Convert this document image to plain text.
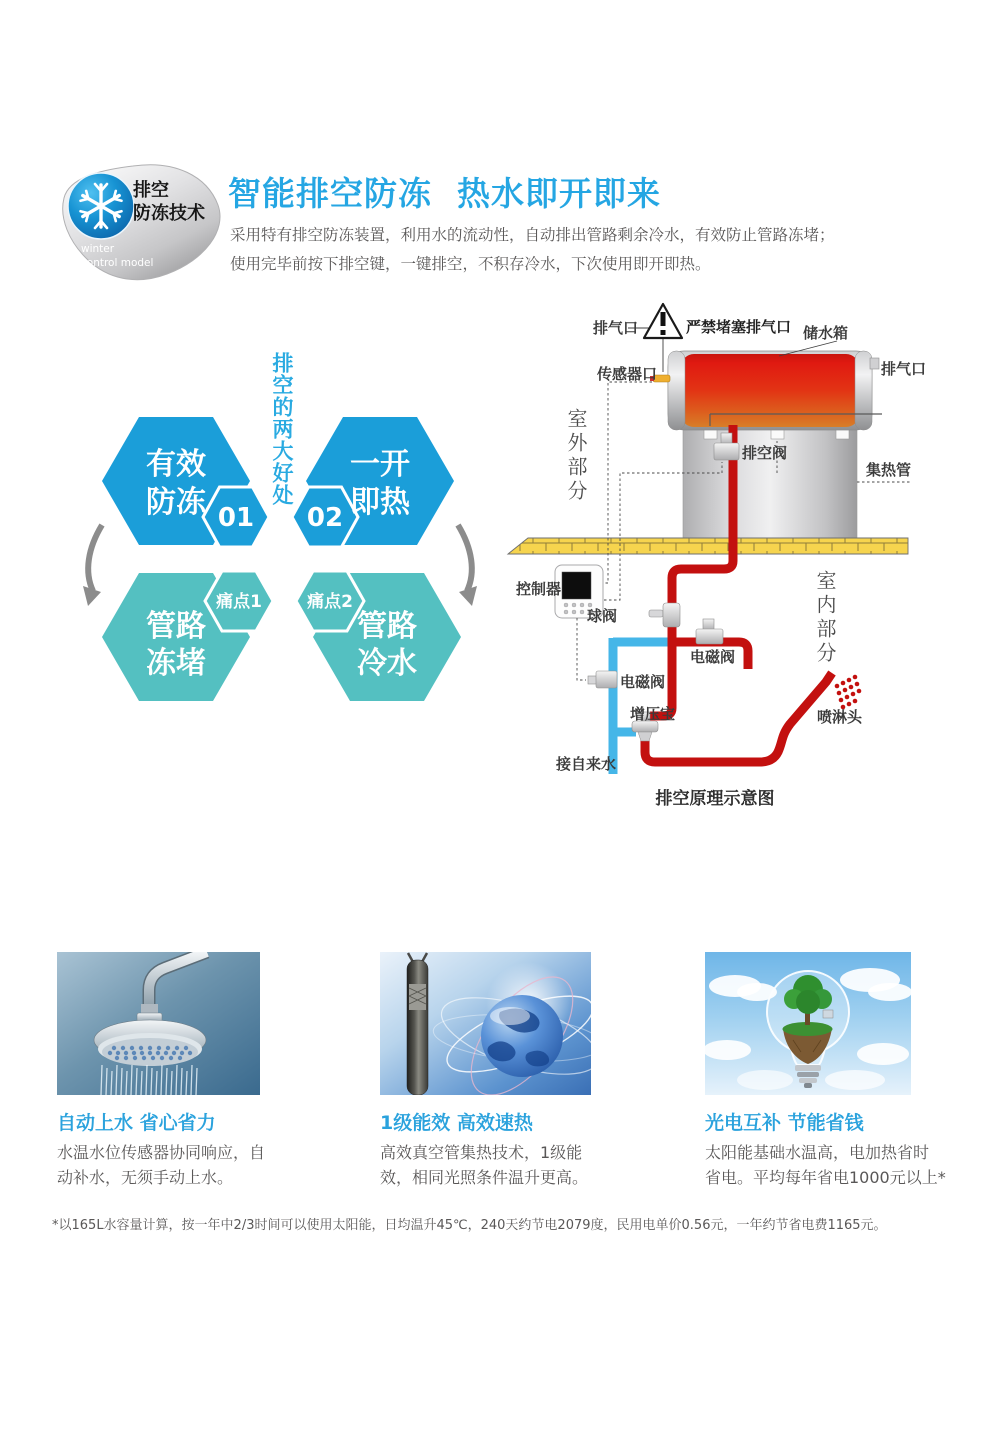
排空
防冻技术
winter
control model
智能排空防冻  热水即开即来
采用特有排空防冻装置，利用水的流动性，自动排出管路剩余冷水，有效防止管路冻堵；
使用完毕前按下排空键，一键排空，不积存冷水，下次使用即开即热。
排空的两大好处
有效
防冻
一开
即热
01 02
痛点1	痛点2
管路
冻堵
管路
冷水
室外部分
室内部分
严禁堵塞排气口
排气口	储水箱
排气口
传感器口
排空阀
集热管
控制器
球阀
电磁阀
电磁阀
增压宝
接自来水
喷淋头
排空原理示意图
自动上水 省心省力
水温水位传感器协同响应，自
动补水，无须手动上水。
1级能效 高效速热
高效真空管集热技术，1级能
效，相同光照条件温升更高。
光电互补 节能省钱
太阳能基础水温高，电加热省时
省电。平均每年省电1000元以上*
*以165L水容量计算，按一年中2/3时间可以使用太阳能，日均温升45℃，240天约节电2079度，民用电单价0.56元，一年约节省电费1165元。
